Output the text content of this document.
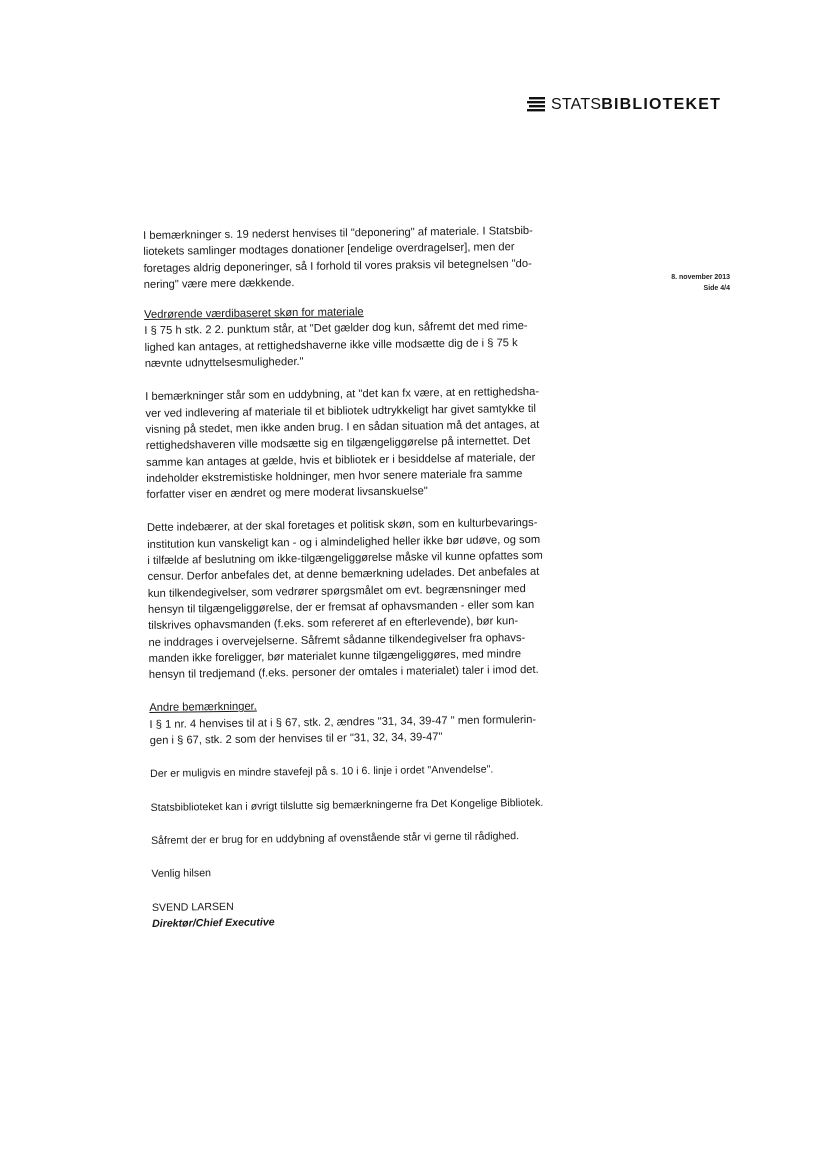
STATS BIBLIOTEKET
8. november 2013
Side 4/4

I bemærkninger s. 19 nederst henvises til "deponering" af materiale. I Statsbib-
liotekets samlinger modtages donationer [endelige overdragelser], men der
foretages aldrig deponeringer, så I forhold til vores praksis vil betegnelsen "do-
nering" være mere dækkende.

Vedrørende værdibaseret skøn for materiale

I § 75 h stk. 2 2. punktum står, at "Det gælder dog kun, såfremt det med rime-
lighed kan antages, at rettighedshaverne ikke ville modsætte dig de i § 75 k
nævnte udnyttelsesmuligheder."

I bemærkninger står som en uddybning, at "det kan fx være, at en rettighedsha-
ver ved indlevering af materiale til et bibliotek udtrykkeligt har givet samtykke til
visning på stedet, men ikke anden brug. I en sådan situation må det antages, at
rettighedshaveren ville modsætte sig en tilgængeliggørelse på internettet. Det
samme kan antages at gælde, hvis et bibliotek er i besiddelse af materiale, der
indeholder ekstremistiske holdninger, men hvor senere materiale fra samme
forfatter viser en ændret og mere moderat livsanskuelse"

Dette indebærer, at der skal foretages et politisk skøn, som en kulturbevarings-
institution kun vanskeligt kan - og i almindelighed heller ikke bør udøve, og som
i tilfælde af beslutning om ikke-tilgængeliggørelse måske vil kunne opfattes som
censur. Derfor anbefales det, at denne bemærkning udelades. Det anbefales at
kun tilkendegivelser, som vedrører spørgsmålet om evt. begrænsninger med
hensyn til tilgængeliggørelse, der er fremsat af ophavsmanden - eller som kan
tilskrives ophavsmanden (f.eks. som refereret af en efterlevende), bør kun-
ne inddrages i overvejelserne. Såfremt sådanne tilkendegivelser fra ophavs-
manden ikke foreligger, bør materialet kunne tilgængeliggøres, med mindre
hensyn til tredjemand (f.eks. personer der omtales i materialet) taler i imod det.

Andre bemærkninger.

I § 1 nr. 4 henvises til at i § 67, stk. 2, ændres "31, 34, 39-47 " men formulerin-
gen i § 67, stk. 2 som der henvises til er "31, 32, 34, 39-47"

Der er muligvis en mindre stavefejl på s. 10 i 6. linje i ordet "Anvendelse".

Statsbiblioteket kan i øvrigt tilslutte sig bemærkningerne fra Det Kongelige Bibliotek.

Såfremt der er brug for en uddybning af ovenstående står vi gerne til rådighed.

Venlig hilsen

SVEND LARSEN

Direktør/Chief Executive
